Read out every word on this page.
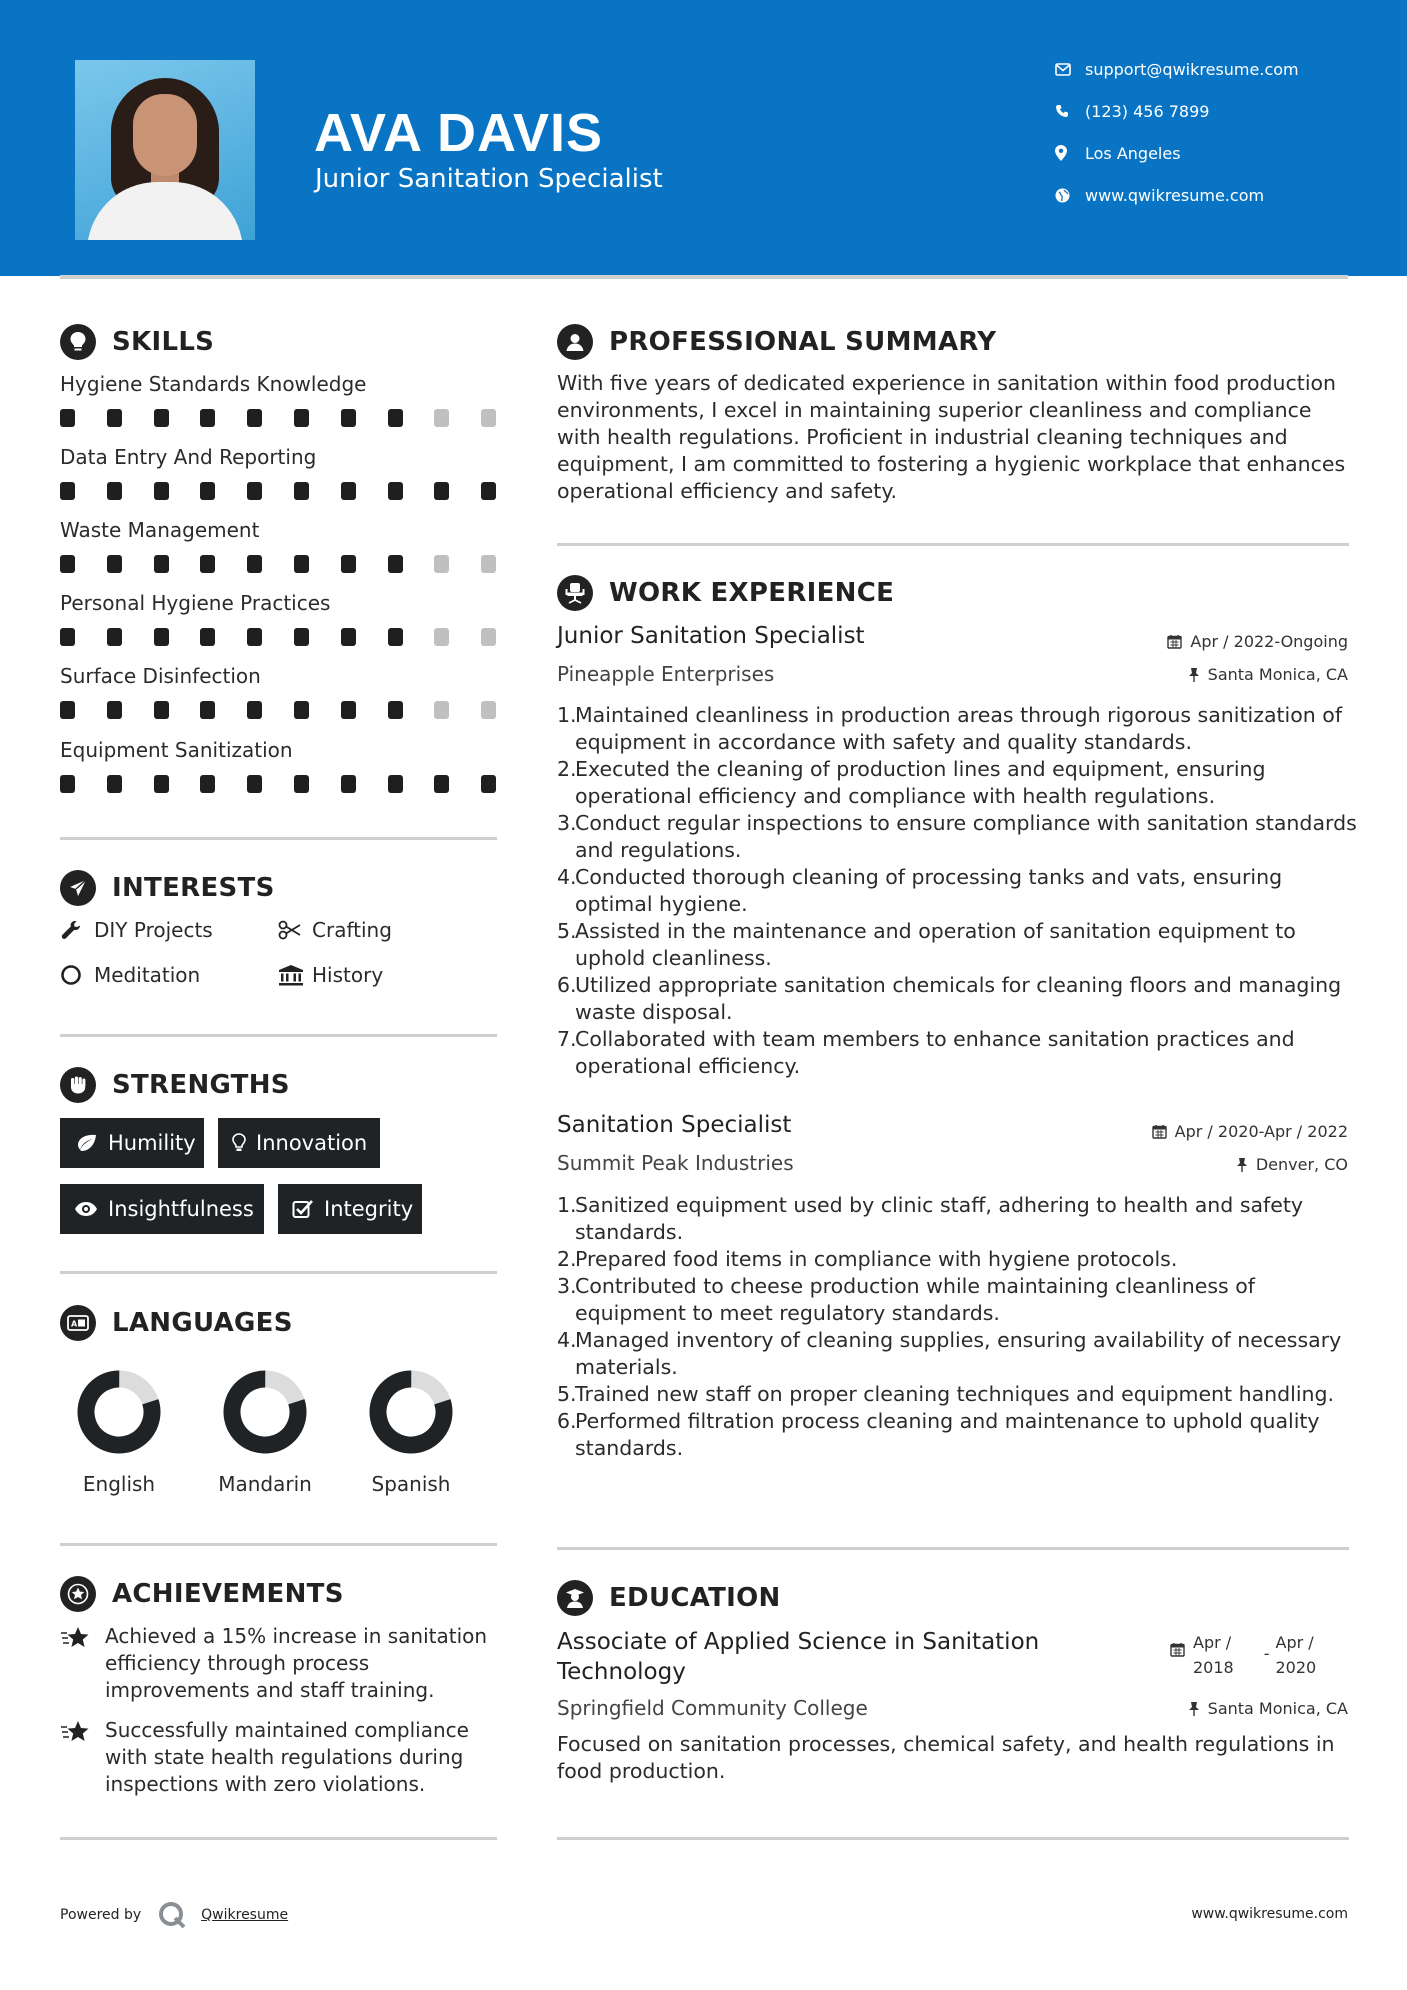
AVA DAVIS
Junior Sanitation Specialist
support@qwikresume.com
(123) 456 7899
Los Angeles
www.qwikresume.com
SKILLS
Hygiene Standards Knowledge
Data Entry And Reporting
Waste Management
Personal Hygiene Practices
Surface Disinfection
Equipment Sanitization
INTERESTS
DIY Projects	Crafting
Meditation	History
STRENGTHS
Humility	Innovation
Insightfulness	Integrity
A LANGUAGES
English	Mandarin	Spanish
ACHIEVEMENTS
Achieved a 15% increase in sanitation efficiency through process improvements and staff training.
Successfully maintained compliance with state health regulations during inspections with zero violations.
PROFESSIONAL SUMMARY
With five years of dedicated experience in sanitation within food production environments, I excel in maintaining superior cleanliness and compliance with health regulations. Proficient in industrial cleaning techniques and equipment, I am committed to fostering a hygienic workplace that enhances operational efficiency and safety.
WORK EXPERIENCE
Junior Sanitation Specialist	Apr / 2022-Ongoing
Pineapple Enterprises	Santa Monica, CA
1.
Maintained cleanliness in production areas through rigorous sanitization of equipment in accordance with safety and quality standards.
2.
Executed the cleaning of production lines and equipment, ensuring operational efficiency and compliance with health regulations.
3.
Conduct regular inspections to ensure compliance with sanitation standards and regulations.
4.
Conducted thorough cleaning of processing tanks and vats, ensuring optimal hygiene.
5.
Assisted in the maintenance and operation of sanitation equipment to uphold cleanliness.
6.
Utilized appropriate sanitation chemicals for cleaning floors and managing waste disposal.
7.
Collaborated with team members to enhance sanitation practices and operational efficiency.
Sanitation Specialist	Apr / 2020-Apr / 2022
Summit Peak Industries	Denver, CO
1.
Sanitized equipment used by clinic staff, adhering to health and safety standards.
2.
Prepared food items in compliance with hygiene protocols.
3.
Contributed to cheese production while maintaining cleanliness of equipment to meet regulatory standards.
4.
Managed inventory of cleaning supplies, ensuring availability of necessary materials.
5.
Trained new staff on proper cleaning techniques and equipment handling.
6.
Performed filtration process cleaning and maintenance to uphold quality standards.
EDUCATION
Associate of Applied Science in Sanitation
Technology
Apr /
2018
-
Apr /
2020
Springfield Community College	Santa Monica, CA
Focused on sanitation processes, chemical safety, and health regulations in food production.
Powered by	Qwikresume	www.qwikresume.com
